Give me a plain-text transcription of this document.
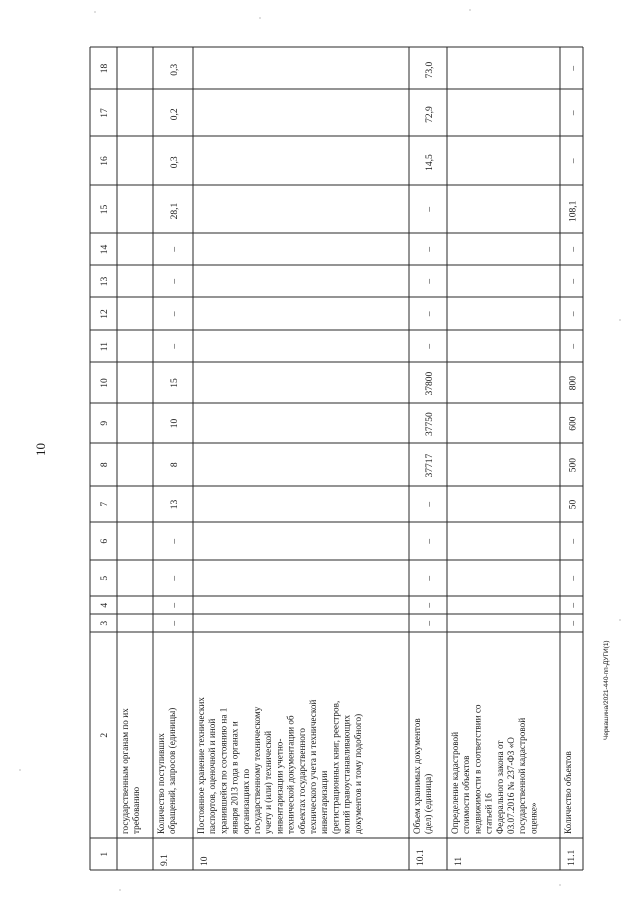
10
Черкашина/2021-440-пп-ДУГИ(1)
1
2
3
4
5
6
7
8
9
10
11
12
13
14
15
16
17
18
государственным органам по их требованию
9.1
Количество поступивших обращений, запросов (единицы)
–
–
–
–
13
8
10
15
–
–
–
–
28,1
0,3
0,2
0,3
10
Постоянное хранение технических паспортов, оценочной и иной хранившейся по состоянию на 1 января 2013 года в органах и организациях по государственному техническому учету и (или) технической инвентаризации учетно- технической документации об объектах государственного технического учета и технической инвентаризации (регистрационных книг, реестров, копий правоустанавливающих документов и тому подобного)
10.1
Объем хранимых документов (дел) (единица)
–
–
–
–
–
37717
37750
37800
–
–
–
–
–
14,5
72,9
73,0
11
Определение кадастровой стоимости объектов недвижимости в соответствии со статьей 16 Федерального закона от 03.07.2016 № 237-ФЗ «О государственной кадастровой оценке»
11.1
Количество объектов
–
–
–
–
50
500
600
800
–
–
–
–
108,1
–
–
–
